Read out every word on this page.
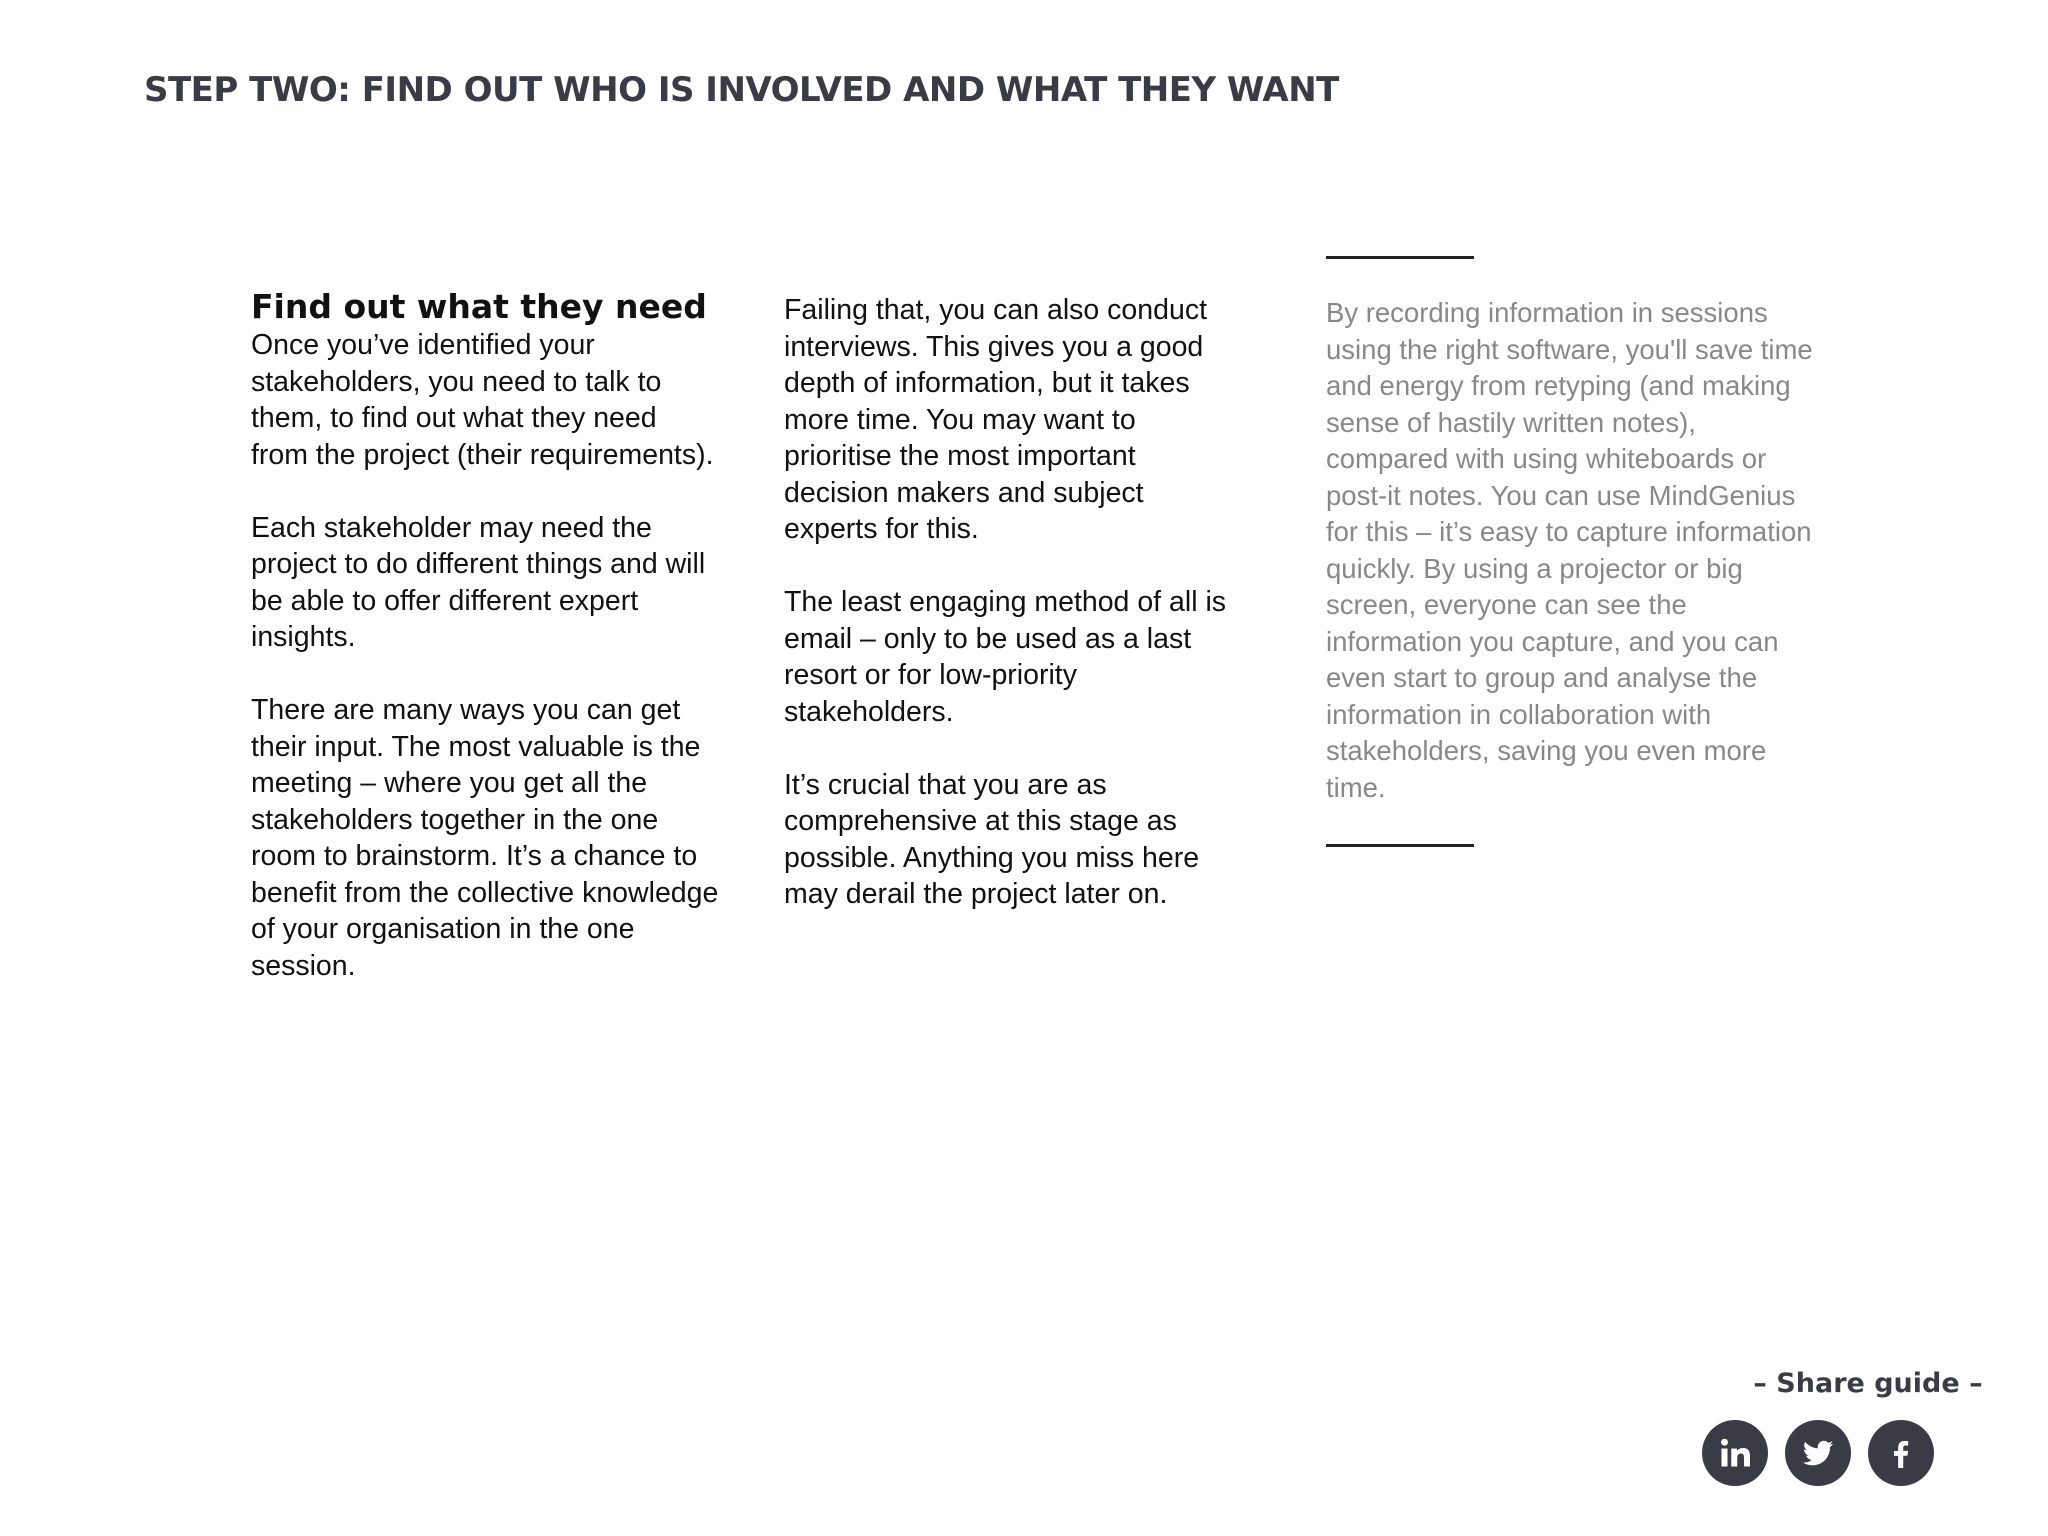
STEP TWO: FIND OUT WHO IS INVOLVED AND WHAT THEY WANT
Find out what they need

Once you’ve identified your stakeholders, you need to talk to them, to find out what they need from the project (their requirements).

Each stakeholder may need the project to do different things and will be able to offer different expert insights.

There are many ways you can get their input. The most valuable is the meeting – where you get all the stakeholders together in the one room to brainstorm. It’s a chance to benefit from the collective knowledge of your organisation in the one session.

Failing that, you can also conduct interviews. This gives you a good depth of information, but it takes more time. You may want to prioritise the most important decision makers and subject experts for this.

The least engaging method of all is email – only to be used as a last resort or for low-priority stakeholders.

It’s crucial that you are as comprehensive at this stage as possible. Anything you miss here may derail the project later on.

By recording information in sessions using the right software, you'll save time and energy from retyping (and making sense of hastily written notes), compared with using whiteboards or post-it notes. You can use MindGenius for this – it’s easy to capture information quickly. By using a projector or big screen, everyone can see the information you capture, and you can even start to group and analyse the information in collaboration with stakeholders, saving you even more time.

– Share guide –
